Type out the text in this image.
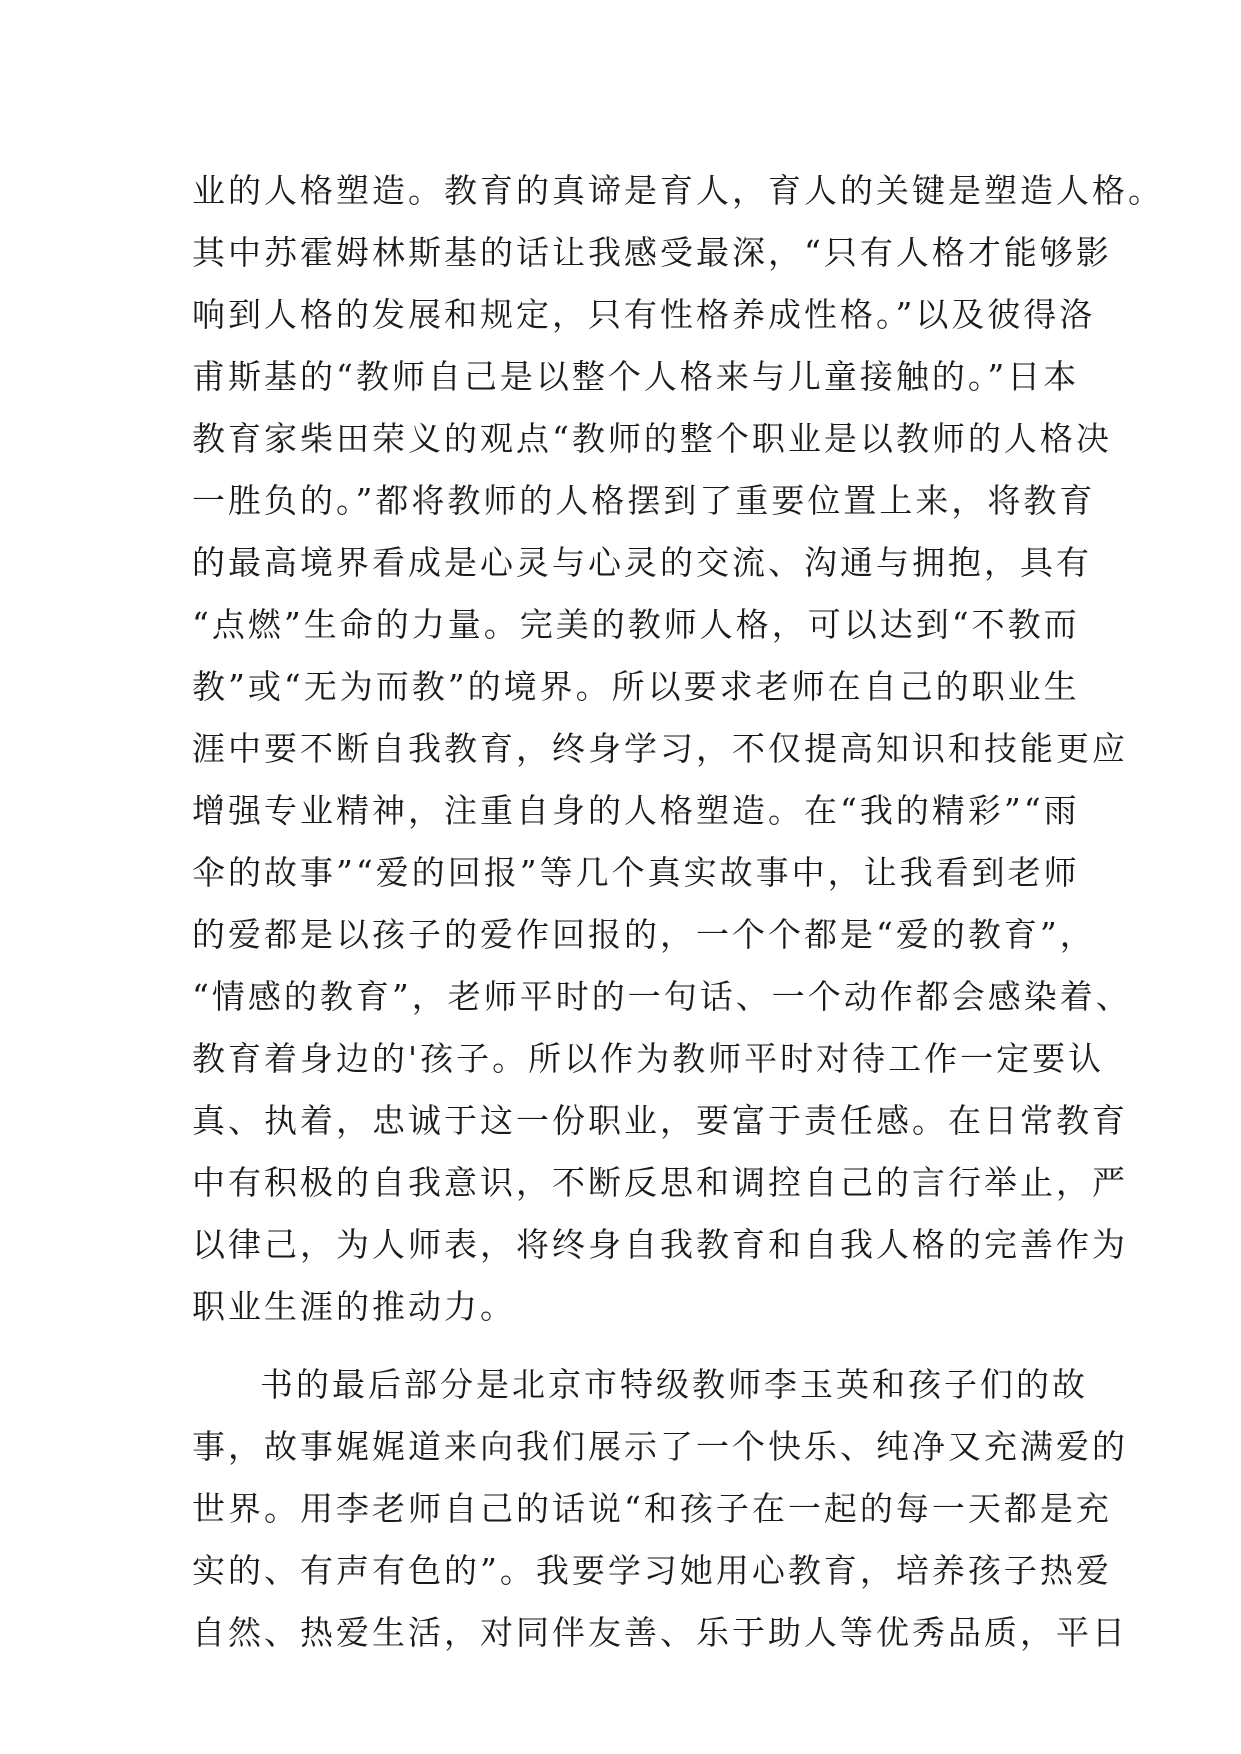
业的人格塑造。教育的真谛是育人，育人的关键是塑造人格。
其中苏霍姆林斯基的话让我感受最深，“只有人格才能够影
响到人格的发展和规定，只有性格养成性格。”以及彼得洛
甫斯基的“教师自己是以整个人格来与儿童接触的。”日本
教育家柴田荣义的观点“教师的整个职业是以教师的人格决
一胜负的。”都将教师的人格摆到了重要位置上来，将教育
的最高境界看成是心灵与心灵的交流、沟通与拥抱，具有
“点燃”生命的力量。完美的教师人格，可以达到“不教而
教”或“无为而教”的境界。所以要求老师在自己的职业生
涯中要不断自我教育，终身学习，不仅提高知识和技能更应
增强专业精神，注重自身的人格塑造。在“我的精彩”“雨
伞的故事”“爱的回报”等几个真实故事中，让我看到老师
的爱都是以孩子的爱作回报的，一个个都是“爱的教育”，
“情感的教育”，老师平时的一句话、一个动作都会感染着、
教育着身边的'孩子。所以作为教师平时对待工作一定要认
真、执着，忠诚于这一份职业，要富于责任感。在日常教育
中有积极的自我意识，不断反思和调控自己的言行举止，严
以律己，为人师表，将终身自我教育和自我人格的完善作为
职业生涯的推动力。
书的最后部分是北京市特级教师李玉英和孩子们的故
事，故事娓娓道来向我们展示了一个快乐、纯净又充满爱的
世界。用李老师自己的话说“和孩子在一起的每一天都是充
实的、有声有色的”。我要学习她用心教育，培养孩子热爱
自然、热爱生活，对同伴友善、乐于助人等优秀品质，平日
